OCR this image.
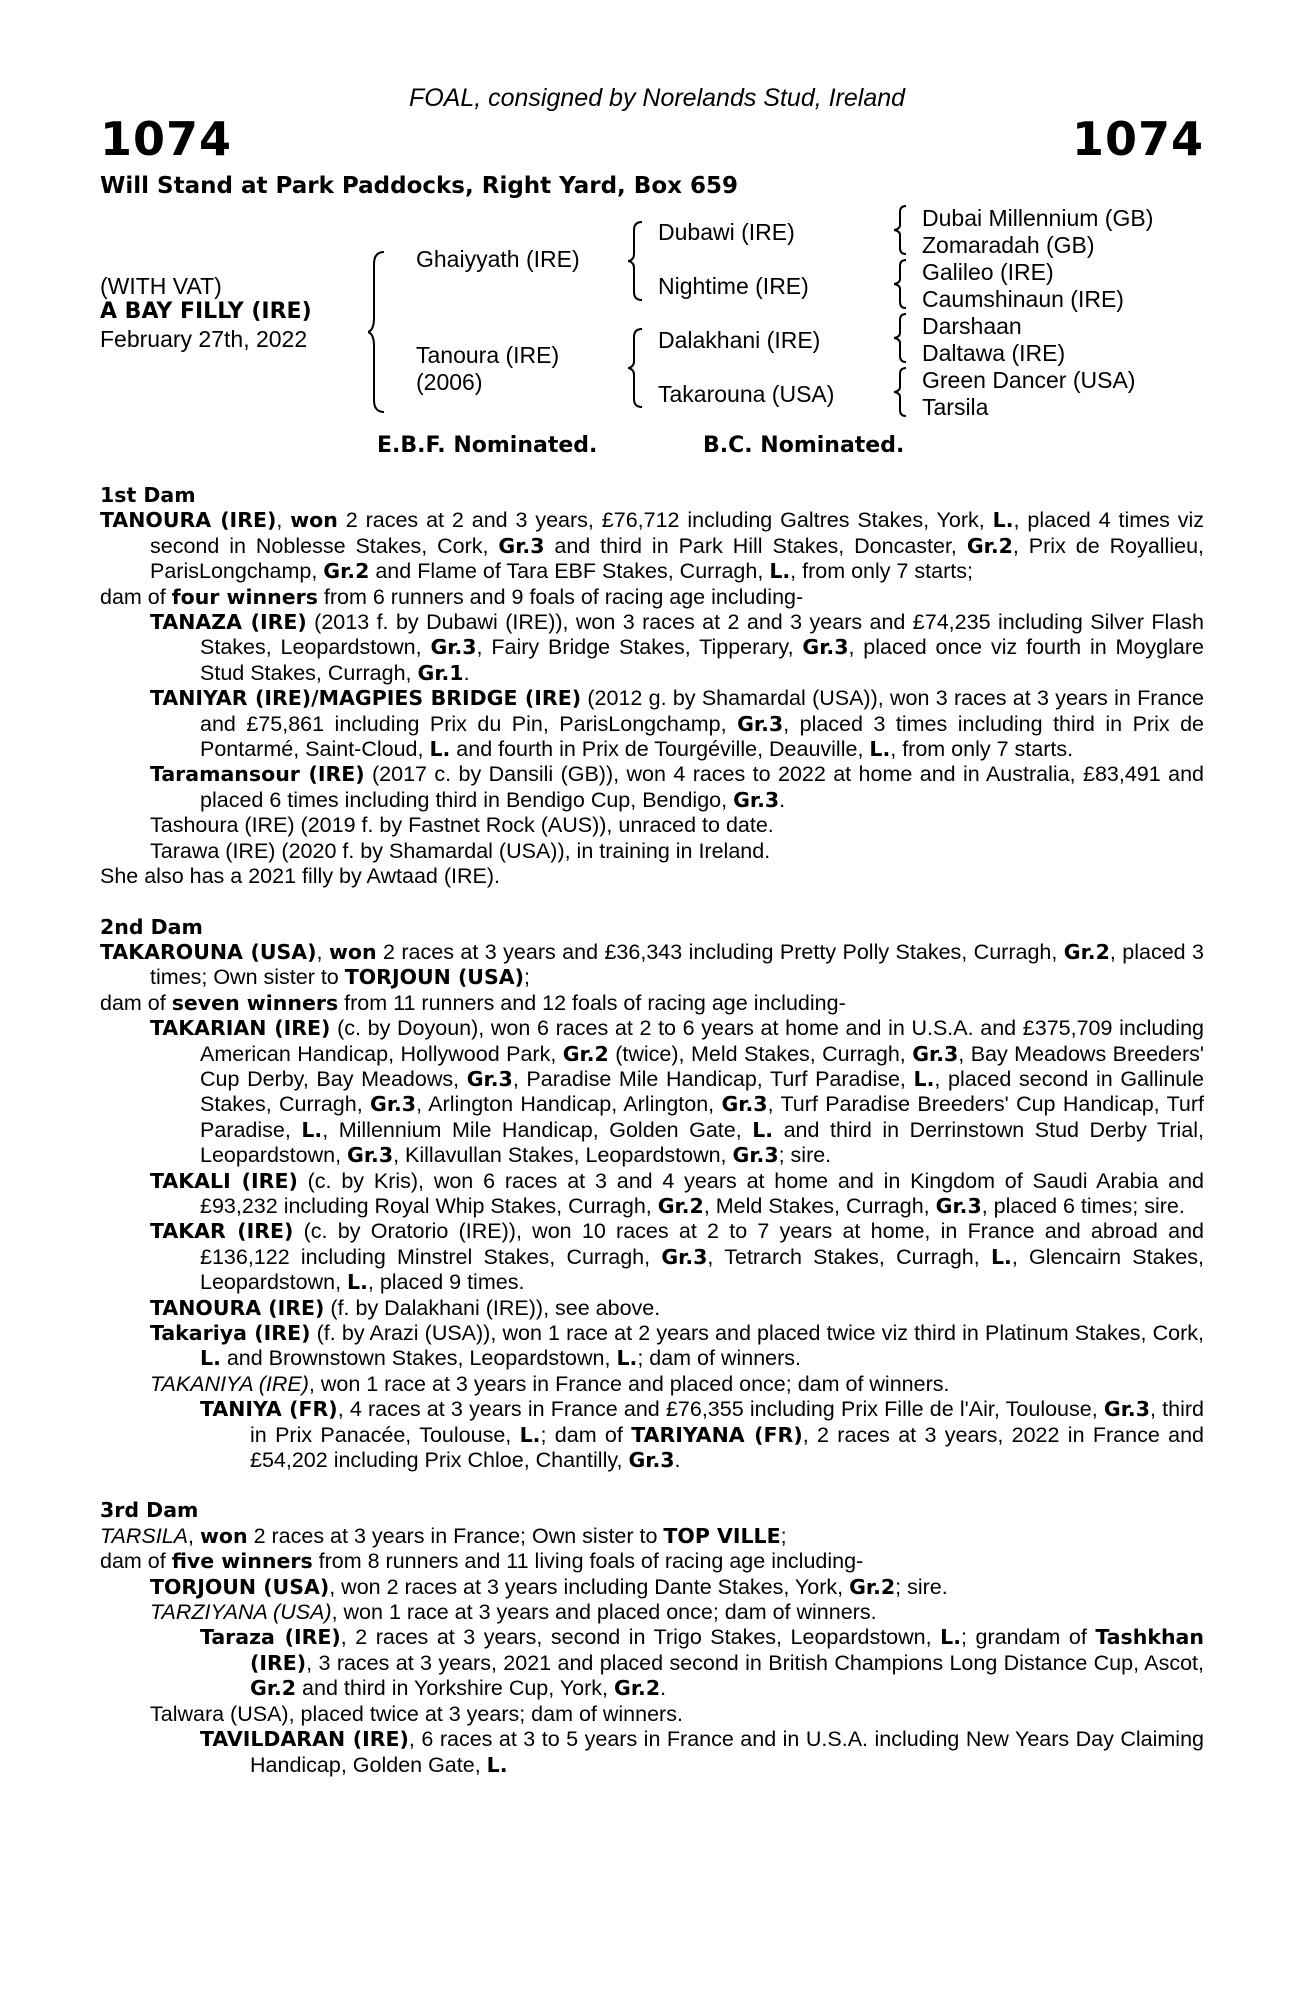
FOAL, consigned by Norelands Stud, Ireland
1074	1074
Will Stand at Park Paddocks, Right Yard, Box 659
(WITH VAT)
A BAY FILLY (IRE)
February 27th, 2022
Ghaiyyath (IRE)
Tanoura (IRE)
(2006)
Dubawi (IRE)
Nightime (IRE)
Dalakhani (IRE)
Takarouna (USA)
Dubai Millennium (GB)
Zomaradah (GB)
Galileo (IRE)
Caumshinaun (IRE)
Darshaan
Daltawa (IRE)
Green Dancer (USA)
Tarsila
E.B.F. Nominated.	B.C. Nominated.
1st Dam
TANOURA (IRE), won 2 races at 2 and 3 years, £76,712 including Galtres Stakes, York, L., placed 4 times viz second in Noblesse Stakes, Cork, Gr.3 and third in Park Hill Stakes, Doncaster, Gr.2, Prix de Royallieu, ParisLongchamp, Gr.2 and Flame of Tara EBF Stakes, Curragh, L., from only 7 starts;
dam of four winners from 6 runners and 9 foals of racing age including-
TANAZA (IRE) (2013 f. by Dubawi (IRE)), won 3 races at 2 and 3 years and £74,235 including Silver Flash Stakes, Leopardstown, Gr.3, Fairy Bridge Stakes, Tipperary, Gr.3, placed once viz fourth in Moyglare Stud Stakes, Curragh, Gr.1.
TANIYAR (IRE)/MAGPIES BRIDGE (IRE) (2012 g. by Shamardal (USA)), won 3 races at 3 years in France and £75,861 including Prix du Pin, ParisLongchamp, Gr.3, placed 3 times including third in Prix de Pontarmé, Saint-Cloud, L. and fourth in Prix de Tourgéville, Deauville, L., from only 7 starts.
Taramansour (IRE) (2017 c. by Dansili (GB)), won 4 races to 2022 at home and in Australia, £83,491 and placed 6 times including third in Bendigo Cup, Bendigo, Gr.3.
Tashoura (IRE) (2019 f. by Fastnet Rock (AUS)), unraced to date.
Tarawa (IRE) (2020 f. by Shamardal (USA)), in training in Ireland.
She also has a 2021 filly by Awtaad (IRE).
2nd Dam
TAKAROUNA (USA), won 2 races at 3 years and £36,343 including Pretty Polly Stakes, Curragh, Gr.2, placed 3 times; Own sister to TORJOUN (USA);
dam of seven winners from 11 runners and 12 foals of racing age including-
TAKARIAN (IRE) (c. by Doyoun), won 6 races at 2 to 6 years at home and in U.S.A. and £375,709 including American Handicap, Hollywood Park, Gr.2 (twice), Meld Stakes, Curragh, Gr.3, Bay Meadows Breeders' Cup Derby, Bay Meadows, Gr.3, Paradise Mile Handicap, Turf Paradise, L., placed second in Gallinule Stakes, Curragh, Gr.3, Arlington Handicap, Arlington, Gr.3, Turf Paradise Breeders' Cup Handicap, Turf Paradise, L., Millennium Mile Handicap, Golden Gate, L. and third in Derrinstown Stud Derby Trial, Leopardstown, Gr.3, Killavullan Stakes, Leopardstown, Gr.3; sire.
TAKALI (IRE) (c. by Kris), won 6 races at 3 and 4 years at home and in Kingdom of Saudi Arabia and £93,232 including Royal Whip Stakes, Curragh, Gr.2, Meld Stakes, Curragh, Gr.3, placed 6 times; sire.
TAKAR (IRE) (c. by Oratorio (IRE)), won 10 races at 2 to 7 years at home, in France and abroad and £136,122 including Minstrel Stakes, Curragh, Gr.3, Tetrarch Stakes, Curragh, L., Glencairn Stakes, Leopardstown, L., placed 9 times.
TANOURA (IRE) (f. by Dalakhani (IRE)), see above.
Takariya (IRE) (f. by Arazi (USA)), won 1 race at 2 years and placed twice viz third in Platinum Stakes, Cork, L. and Brownstown Stakes, Leopardstown, L.; dam of winners.
TAKANIYA (IRE), won 1 race at 3 years in France and placed once; dam of winners.
TANIYA (FR), 4 races at 3 years in France and £76,355 including Prix Fille de l'Air, Toulouse, Gr.3, third in Prix Panacée, Toulouse, L.; dam of TARIYANA (FR), 2 races at 3 years, 2022 in France and £54,202 including Prix Chloe, Chantilly, Gr.3.
3rd Dam
TARSILA, won 2 races at 3 years in France; Own sister to TOP VILLE;
dam of five winners from 8 runners and 11 living foals of racing age including-
TORJOUN (USA), won 2 races at 3 years including Dante Stakes, York, Gr.2; sire.
TARZIYANA (USA), won 1 race at 3 years and placed once; dam of winners.
Taraza (IRE), 2 races at 3 years, second in Trigo Stakes, Leopardstown, L.; grandam of Tashkhan (IRE), 3 races at 3 years, 2021 and placed second in British Champions Long Distance Cup, Ascot, Gr.2 and third in Yorkshire Cup, York, Gr.2.
Talwara (USA), placed twice at 3 years; dam of winners.
TAVILDARAN (IRE), 6 races at 3 to 5 years in France and in U.S.A. including New Years Day Claiming Handicap, Golden Gate, L.
